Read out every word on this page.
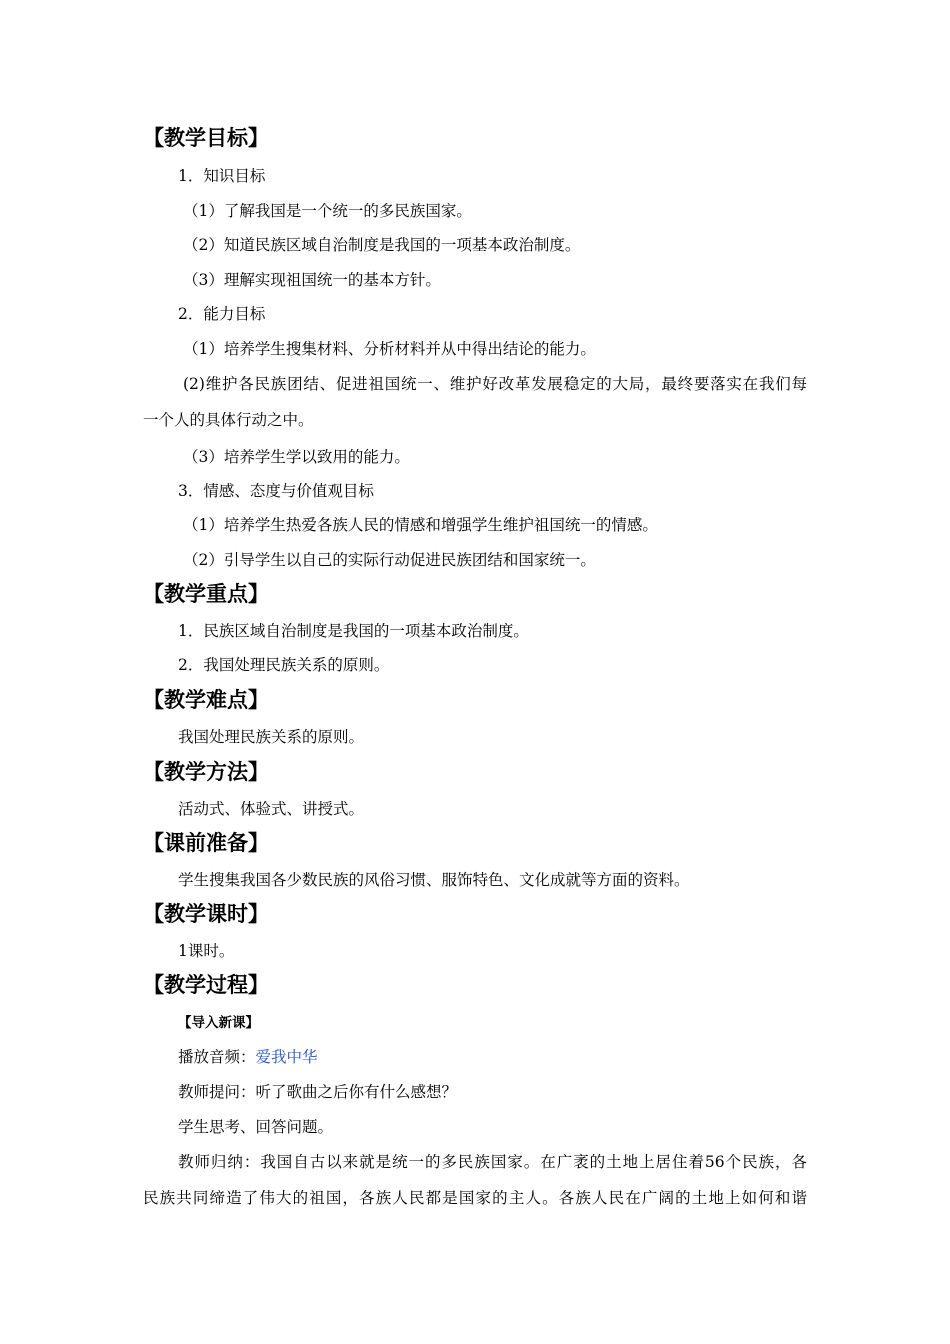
【教学目标】
1．知识目标
（1）了解我国是一个统一的多民族国家。
（2）知道民族区域自治制度是我国的一项基本政治制度。
（3）理解实现祖国统一的基本方针。
2．能力目标
（1）培养学生搜集材料、分析材料并从中得出结论的能力。
(2)维护各民族团结、促进祖国统一、维护好改革发展稳定的大局，最终要落实在我们每
一个人的具体行动之中。
（3）培养学生学以致用的能力。
3．情感、态度与价值观目标
（1）培养学生热爱各族人民的情感和增强学生维护祖国统一的情感。
（2）引导学生以自己的实际行动促进民族团结和国家统一。
【教学重点】
1．民族区域自治制度是我国的一项基本政治制度。
2．我国处理民族关系的原则。
【教学难点】
我国处理民族关系的原则。
【教学方法】
活动式、体验式、讲授式。
【课前准备】
学生搜集我国各少数民族的风俗习惯、服饰特色、文化成就等方面的资料。
【教学课时】
1课时。
【教学过程】
【导入新课】
播放音频：爱我中华
教师提问：听了歌曲之后你有什么感想？
学生思考、回答问题。
教师归纳：我国自古以来就是统一的多民族国家。在广袤的土地上居住着56个民族，各
民族共同缔造了伟大的祖国，各族人民都是国家的主人。各族人民在广阔的土地上如何和谐
